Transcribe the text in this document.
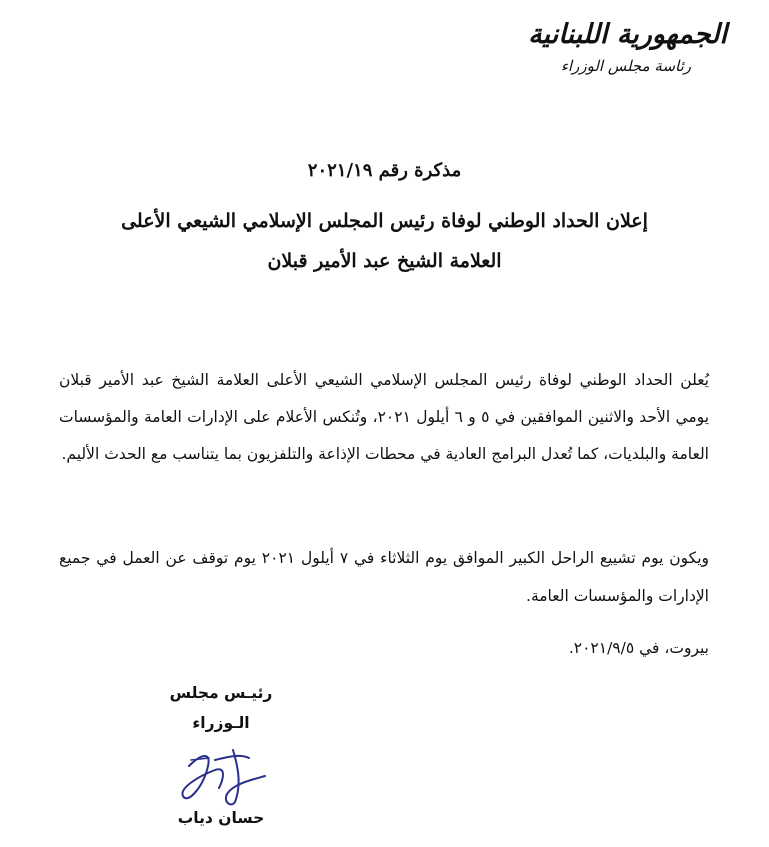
الجمهورية اللبنانية
رئاسة مجلس الوزراء
مذكرة رقم ٢٠٢١/١٩
إعلان الحداد الوطني لوفاة رئيس المجلس الإسلامي الشيعي الأعلى
العلامة الشيخ عبد الأمير قبلان
يُعلن الحداد الوطني لوفاة رئيس المجلس الإسلامي الشيعي الأعلى العلامة الشيخ عبد الأمير قبلان يومي الأحد والاثنين الموافقين في ٥ و ٦ أيلول ٢٠٢١، وتُنكس الأعلام على الإدارات العامة والمؤسسات العامة والبلديات، كما تُعدل البرامج العادية في محطات الإذاعة والتلفزيون بما يتناسب مع الحدث الأليم.
ويكون يوم تشييع الراحل الكبير الموافق يوم الثلاثاء في ٧ أيلول ٢٠٢١ يوم توقف عن العمل في جميع الإدارات والمؤسسات العامة.
بيروت، في ٢٠٢١/٩/٥.
رئيـس مجلس الـوزراء
حسان دياب
